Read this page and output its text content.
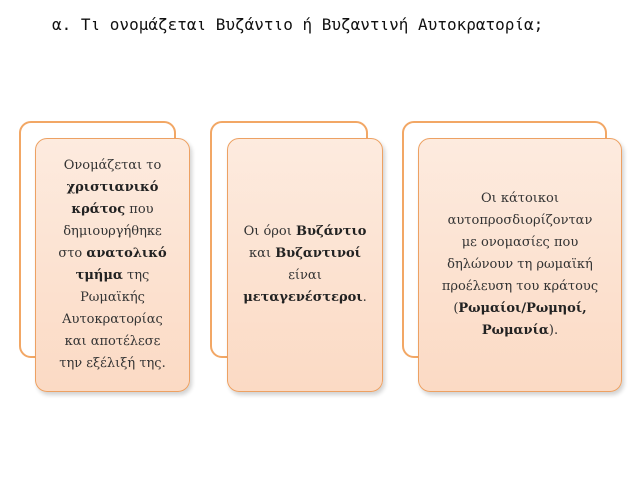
α. Τι ονομάζεται Βυζάντιο ή Βυζαντινή Αυτοκρατορία;
Ονομάζεται το
χριστιανικό
κράτος που
δημιουργήθηκε
στο ανατολικό
τμήμα της
Ρωμαϊκής
Αυτοκρατορίας
και αποτέλεσε
την εξέλιξή της.
Οι όροι Βυζάντιο
και Βυζαντινοί
είναι
μεταγενέστεροι.
Οι κάτοικοι
αυτοπροσδιορίζονταν
με ονομασίες που
δηλώνουν τη ρωμαϊκή
προέλευση του κράτους
(Ρωμαίοι/Ρωμηοί,
Ρωμανία).
